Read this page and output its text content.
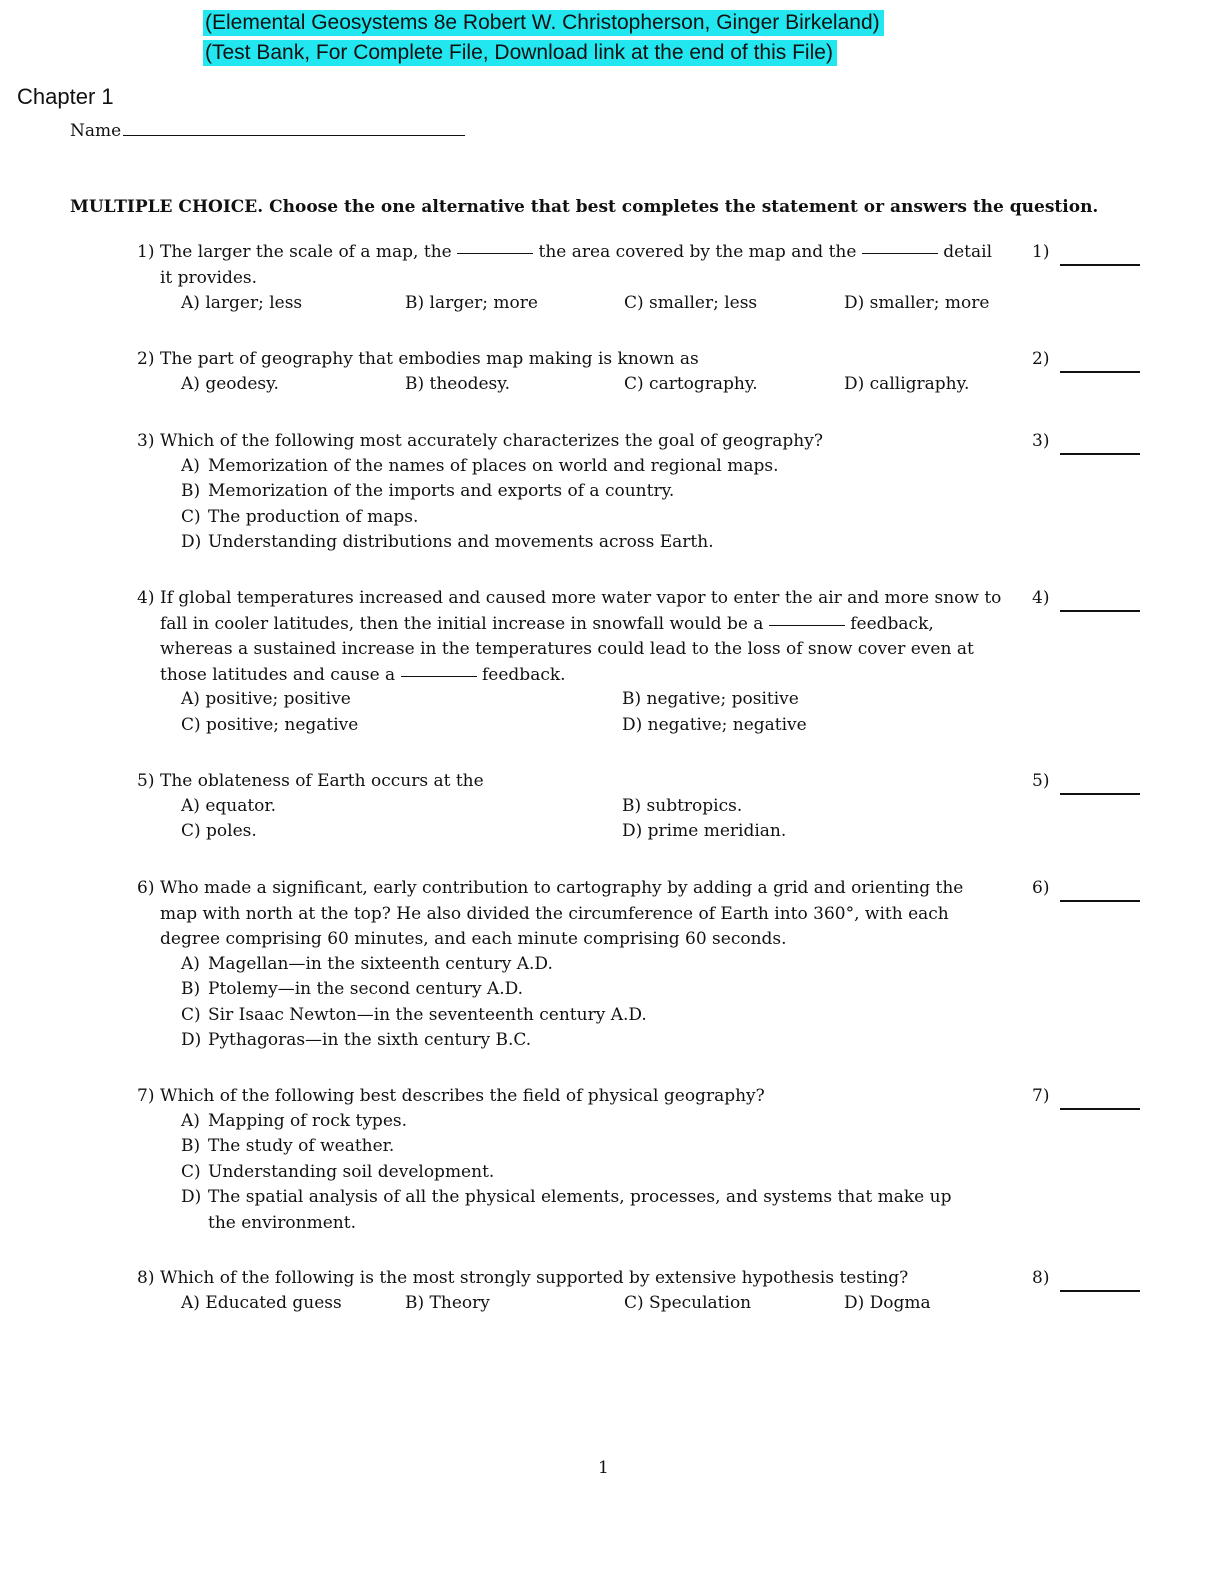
(Elemental Geosystems 8e Robert W. Christopherson, Ginger Birkeland)
(Test Bank, For Complete File, Download link at the end of this File)
Chapter 1
Name
MULTIPLE CHOICE. Choose the one alternative that best completes the statement or answers the question.
1) The larger the scale of a map, the	the area covered by the map and the	detail it provides.
1)
A) larger; less	B) larger; more	C) smaller; less	D) smaller; more
2) The part of geography that embodies map making is known as	2)
A) geodesy.	B) theodesy.	C) cartography.	D) calligraphy.
3) Which of the following most accurately characterizes the goal of geography?	3)
A) Memorization of the names of places on world and regional maps.
B) Memorization of the imports and exports of a country.
C) The production of maps.
D) Understanding distributions and movements across Earth.
4) If global temperatures increased and caused more water vapor to enter the air and more snow to fall in cooler latitudes, then the initial increase in snowfall would be a	feedback, whereas a sustained increase in the temperatures could lead to the loss of snow cover even at those latitudes and cause a	feedback.
4)
A) positive; positive	B) negative; positive
C) positive; negative	D) negative; negative
5) The oblateness of Earth occurs at the	5)
A) equator.	B) subtropics.
C) poles.	D) prime meridian.
6) Who made a significant, early contribution to cartography by adding a grid and orienting the map with north at the top? He also divided the circumference of Earth into 360°, with each degree comprising 60 minutes, and each minute comprising 60 seconds.
6)
A) Magellan—in the sixteenth century A.D.
B) Ptolemy—in the second century A.D.
C) Sir Isaac Newton—in the seventeenth century A.D.
D) Pythagoras—in the sixth century B.C.
7) Which of the following best describes the field of physical geography?	7)
A) Mapping of rock types.
B) The study of weather.
C) Understanding soil development.
D) The spatial analysis of all the physical elements, processes, and systems that make up the environment.
8) Which of the following is the most strongly supported by extensive hypothesis testing?	8)
A) Educated guess	B) Theory	C) Speculation	D) Dogma
1
